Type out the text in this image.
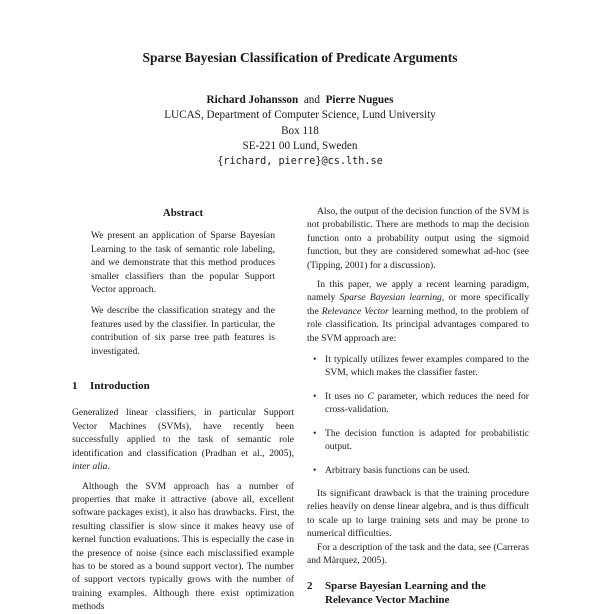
Sparse Bayesian Classification of Predicate Arguments
Richard Johansson and Pierre Nugues
LUCAS, Department of Computer Science, Lund University
Box 118
SE-221 00 Lund, Sweden
{richard, pierre}@cs.lth.se
Abstract

We present an application of Sparse Bayesian Learning to the task of semantic role labeling, and we demonstrate that this method produces smaller classifiers than the popular Support Vector approach.

We describe the classification strategy and the features used by the classifier. In particular, the contribution of six parse tree path features is investigated.

1	Introduction

Generalized linear classifiers, in particular Support Vector Machines (SVMs), have recently been successfully applied to the task of semantic role identification and classification (Pradhan et al., 2005), inter alia.

Although the SVM approach has a number of properties that make it attractive (above all, excellent software packages exist), it also has drawbacks. First, the resulting classifier is slow since it makes heavy use of kernel function evaluations. This is especially the case in the presence of noise (since each misclassified example has to be stored as a bound support vector). The number of support vectors typically grows with the number of training examples. Although there exist optimization methods

Also, the output of the decision function of the SVM is not probabilistic. There are methods to map the decision function onto a probability output using the sigmoid function, but they are considered somewhat ad-hoc (see (Tipping, 2001) for a discussion).

In this paper, we apply a recent learning paradigm, namely Sparse Bayesian learning, or more specifically the Relevance Vector learning method, to the problem of role classification. Its principal advantages compared to the SVM approach are:

• It typically utilizes fewer examples compared to the SVM, which makes the classifier faster.
• It uses no C parameter, which reduces the need for cross-validation.
• The decision function is adapted for probabilistic output.
• Arbitrary basis functions can be used.

Its significant drawback is that the training procedure relies heavily on dense linear algebra, and is thus difficult to scale up to large training sets and may be prone to numerical difficulties.

For a description of the task and the data, see (Carreras and Màrquez, 2005).

2	Sparse Bayesian Learning and the
Relevance Vector Machine
